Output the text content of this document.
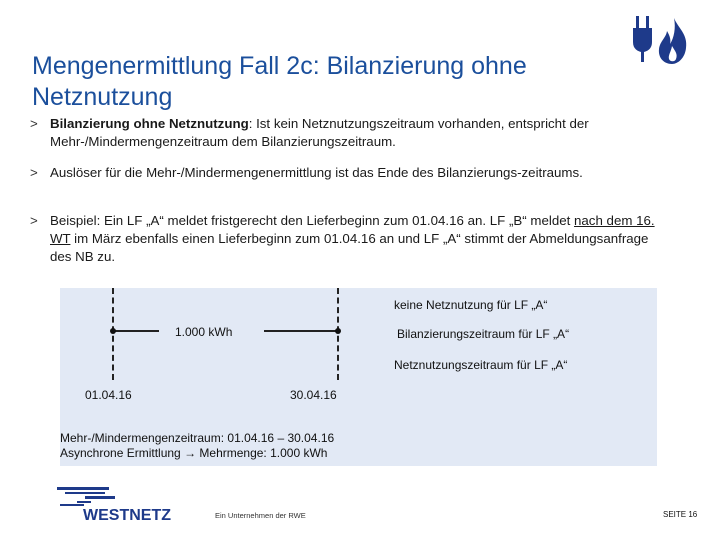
Mengenermittlung Fall 2c: Bilanzierung ohne Netznutzung
> Bilanzierung ohne Netznutzung: Ist kein Netznutzungszeitraum vorhanden, entspricht der Mehr-/Mindermengenzeitraum dem Bilanzierungszeitraum.
> Auslöser für die Mehr-/Mindermengenermittlung ist das Ende des Bilanzierungs-zeitraums.
> Beispiel: Ein LF „A“ meldet fristgerecht den Lieferbeginn zum 01.04.16 an. LF „B“ meldet nach dem 16. WT im März ebenfalls einen Lieferbeginn zum 01.04.16 an und LF „A“ stimmt der Abmeldungsanfrage des NB zu.
1.000 kWh
keine Netznutzung für LF „A“
Bilanzierungszeitraum für LF „A“
Netznutzungszeitraum für LF „A“
01.04.16	30.04.16
Mehr-/Mindermengenzeitraum: 01.04.16 – 30.04.16
Asynchrone Ermittlung → Mehrmenge: 1.000 kWh
WESTNETZ	Ein Unternehmen der RWE	SEITE 16
